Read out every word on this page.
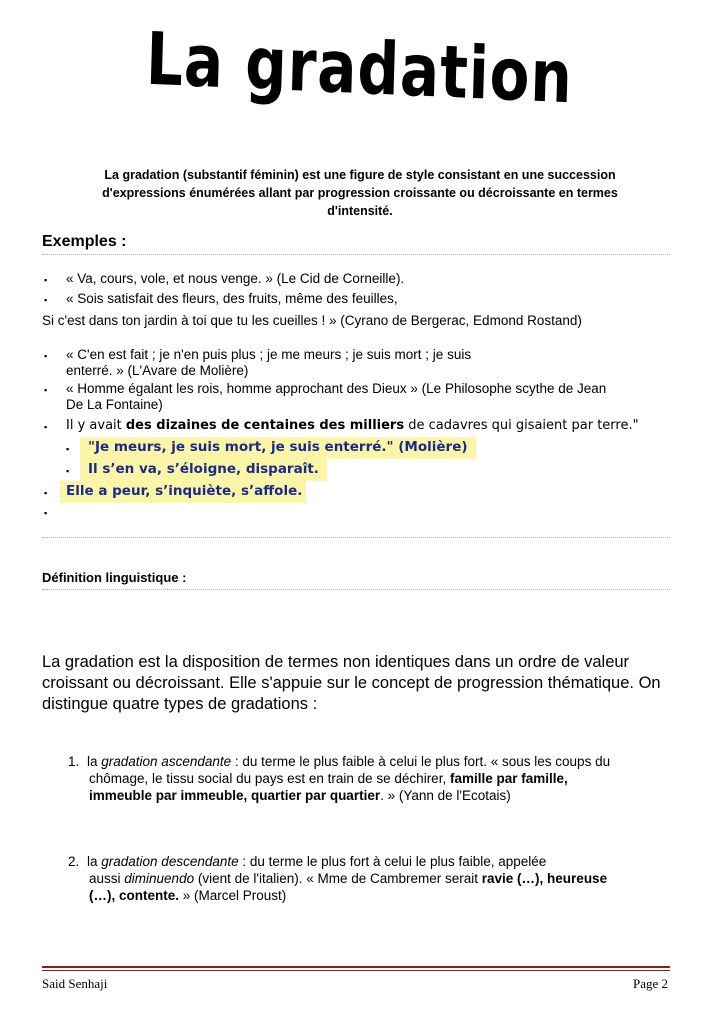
La gradation
La gradation (substantif féminin) est une figure de style consistant en une succession d'expressions énumérées allant par progression croissante ou décroissante en termes d'intensité.
Exemples :
▪ « Va, cours, vole, et nous venge. » (Le Cid de Corneille).
▪ « Sois satisfait des fleurs, des fruits, même des feuilles,
Si c'est dans ton jardin à toi que tu les cueilles ! » (Cyrano de Bergerac, Edmond Rostand)
▪ « C'en est fait ; je n'en puis plus ; je me meurs ; je suis mort ; je suis
enterré. » (L'Avare de Molière)
▪ « Homme égalant les rois, homme approchant des Dieux » (Le Philosophe scythe de Jean
De La Fontaine)
▪ Il y avait des dizaines de centaines des milliers de cadavres qui gisaient par terre."
▪	"Je meurs, je suis mort, je suis enterré." (Molière)
▪	Il s’en va, s’éloigne, disparaît.
▪	Elle a peur, s’inquiète, s’affole.
▪
Définition linguistique :
La gradation est la disposition de termes non identiques dans un ordre de valeur croissant ou décroissant. Elle s'appuie sur le concept de progression thématique. On distingue quatre types de gradations :
1. la gradation ascendante : du terme le plus faible à celui le plus fort. « sous les coups du
chômage, le tissu social du pays est en train de se déchirer, famille par famille,
immeuble par immeuble, quartier par quartier. » (Yann de l'Ecotais)
2. la gradation descendante : du terme le plus fort à celui le plus faible, appelée
aussi diminuendo (vient de l'italien). « Mme de Cambremer serait ravie (…), heureuse
(…), contente. » (Marcel Proust)
Said Senhaji	Page 2
